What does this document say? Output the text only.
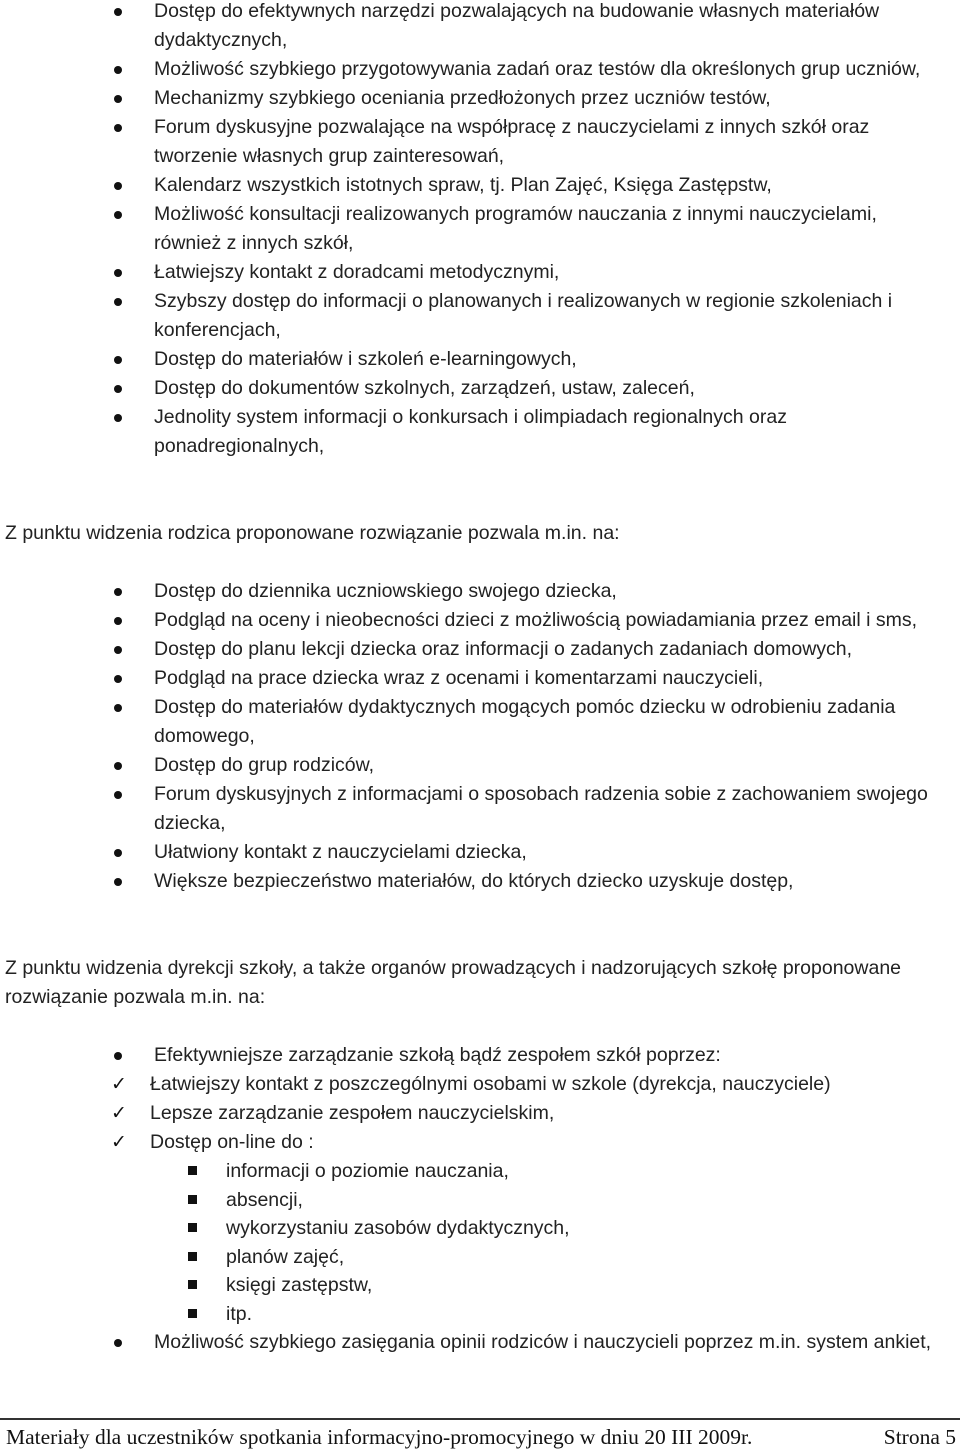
Dostęp do efektywnych narzędzi pozwalających na budowanie własnych materiałów dydaktycznych,
Możliwość szybkiego przygotowywania zadań oraz testów dla określonych grup uczniów,
Mechanizmy szybkiego oceniania przedłożonych przez uczniów testów,
Forum dyskusyjne pozwalające na współpracę z nauczycielami z innych szkół oraz tworzenie własnych grup zainteresowań,
Kalendarz wszystkich istotnych spraw, tj. Plan Zajęć, Księga Zastępstw,
Możliwość konsultacji realizowanych programów nauczania z innymi nauczycielami, również z innych szkół,
Łatwiejszy kontakt z doradcami metodycznymi,
Szybszy dostęp do informacji o planowanych i realizowanych w regionie szkoleniach i konferencjach,
Dostęp do materiałów i szkoleń e-learningowych,
Dostęp do dokumentów szkolnych, zarządzeń, ustaw, zaleceń,
Jednolity system informacji o konkursach i olimpiadach regionalnych oraz ponadregionalnych,
Z punktu widzenia rodzica proponowane rozwiązanie pozwala m.in. na:
Dostęp do dziennika uczniowskiego swojego dziecka,
Podgląd na oceny i nieobecności dzieci z możliwością powiadamiania przez email i sms,
Dostęp do planu lekcji dziecka oraz informacji o zadanych zadaniach domowych,
Podgląd na prace dziecka wraz z ocenami i komentarzami nauczycieli,
Dostęp do materiałów dydaktycznych mogących pomóc dziecku w odrobieniu zadania domowego,
Dostęp do grup rodziców,
Forum dyskusyjnych z informacjami o sposobach radzenia sobie z zachowaniem swojego dziecka,
Ułatwiony kontakt z nauczycielami dziecka,
Większe bezpieczeństwo materiałów, do których dziecko uzyskuje dostęp,
Z punktu widzenia dyrekcji szkoły, a także organów prowadzących i nadzorujących szkołę proponowane rozwiązanie pozwala m.in. na:
Efektywniejsze zarządzanie szkołą bądź zespołem szkół poprzez:
✓ Łatwiejszy kontakt z poszczególnymi osobami w szkole (dyrekcja, nauczyciele)
✓ Lepsze zarządzanie zespołem nauczycielskim,
✓ Dostęp on-line do :
informacji o poziomie nauczania,
absencji,
wykorzystaniu zasobów dydaktycznych,
planów zajęć,
księgi zastępstw,
itp.
Możliwość szybkiego zasięgania opinii rodziców i nauczycieli poprzez m.in. system ankiet,
Materiały dla uczestników spotkania informacyjno-promocyjnego w dniu 20 III 2009r.	Strona 5
